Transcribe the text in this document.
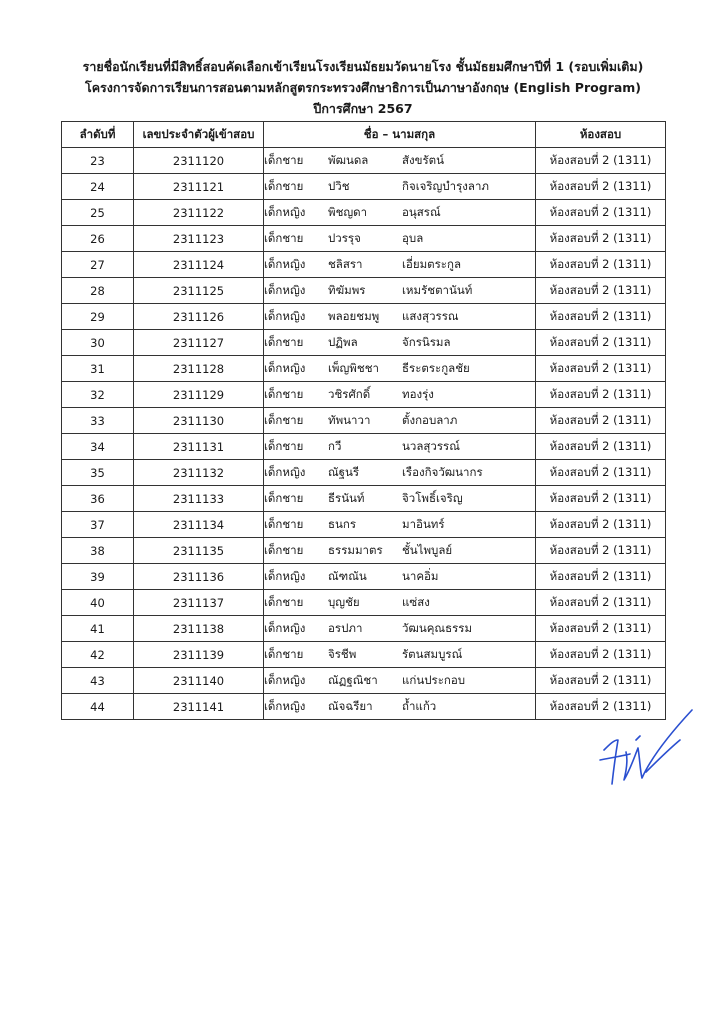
รายชื่อนักเรียนที่มีสิทธิ์สอบคัดเลือกเข้าเรียนโรงเรียนมัธยมวัดนายโรง ชั้นมัธยมศึกษาปีที่ 1 (รอบเพิ่มเติม)
โครงการจัดการเรียนการสอนตามหลักสูตรกระทรวงศึกษาธิการเป็นภาษาอังกฤษ (English Program)
ปีการศึกษา 2567
ลำดับที่	เลขประจำตัวผู้เข้าสอบ	ชื่อ – นามสกุล	ห้องสอบ
23	2311120	เด็กชาย พัฒนดล สังขรัตน์	ห้องสอบที่ 2 (1311)
24	2311121	เด็กชาย ปวิช กิจเจริญบำรุงลาภ	ห้องสอบที่ 2 (1311)
25	2311122	เด็กหญิง พิชญดา อนุสรณ์	ห้องสอบที่ 2 (1311)
26	2311123	เด็กชาย ปวรรุจ อุบล	ห้องสอบที่ 2 (1311)
27	2311124	เด็กหญิง ชลิสรา เอี่ยมตระกูล	ห้องสอบที่ 2 (1311)
28	2311125	เด็กหญิง ทิฆัมพร เหมรัชตานันท์	ห้องสอบที่ 2 (1311)
29	2311126	เด็กหญิง พลอยชมพู แสงสุวรรณ	ห้องสอบที่ 2 (1311)
30	2311127	เด็กชาย ปฏิพล จักรนิรมล	ห้องสอบที่ 2 (1311)
31	2311128	เด็กหญิง เพ็ญพิชชา ธีระตระกูลชัย	ห้องสอบที่ 2 (1311)
32	2311129	เด็กชาย วชิรศักดิ์ ทองรุ่ง	ห้องสอบที่ 2 (1311)
33	2311130	เด็กชาย ทัพนาวา ตั้งกอบลาภ	ห้องสอบที่ 2 (1311)
34	2311131	เด็กชาย กวี นวลสุวรรณ์	ห้องสอบที่ 2 (1311)
35	2311132	เด็กหญิง ณัฐนรี เรืองกิจวัฒนากร	ห้องสอบที่ 2 (1311)
36	2311133	เด็กชาย ธีรนันท์ จิวโพธิ์เจริญ	ห้องสอบที่ 2 (1311)
37	2311134	เด็กชาย ธนกร มาอินทร์	ห้องสอบที่ 2 (1311)
38	2311135	เด็กชาย ธรรมมาตร ชั้นไพบูลย์	ห้องสอบที่ 2 (1311)
39	2311136	เด็กหญิง ณัฑณัน นาคอิ่ม	ห้องสอบที่ 2 (1311)
40	2311137	เด็กชาย บุญชัย แซ่สง	ห้องสอบที่ 2 (1311)
41	2311138	เด็กหญิง อรปภา วัฒนคุณธรรม	ห้องสอบที่ 2 (1311)
42	2311139	เด็กชาย จิรชีพ รัตนสมบูรณ์	ห้องสอบที่ 2 (1311)
43	2311140	เด็กหญิง ณัฏฐณิชา แก่นประกอบ	ห้องสอบที่ 2 (1311)
44	2311141	เด็กหญิง ณัจฉรียา ถ้ำแก้ว	ห้องสอบที่ 2 (1311)
